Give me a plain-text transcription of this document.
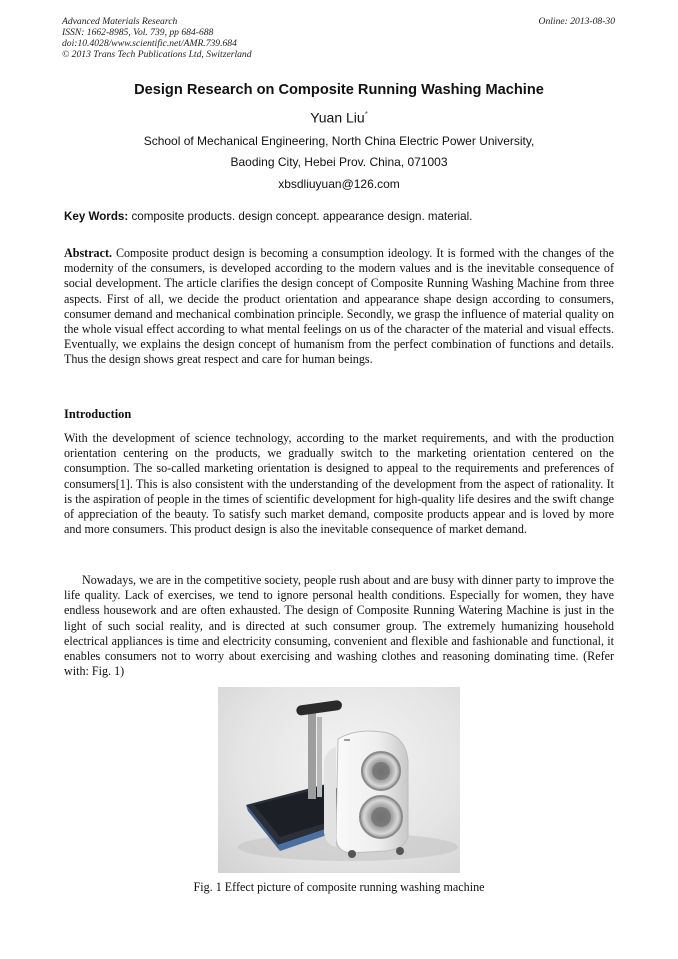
Advanced Materials Research
ISSN: 1662-8985, Vol. 739, pp 684-688
doi:10.4028/www.scientific.net/AMR.739.684
© 2013 Trans Tech Publications Ltd, Switzerland
Online: 2013-08-30
Design Research on Composite Running Washing Machine
Yuan Liu*
School of Mechanical Engineering, North China Electric Power University,
Baoding City, Hebei Prov. China, 071003
xbsdliuyuan@126.com
Key Words: composite products. design concept. appearance design. material.
Abstract. Composite product design is becoming a consumption ideology. It is formed with the changes of the modernity of the consumers, is developed according to the modern values and is the inevitable consequence of social development. The article clarifies the design concept of Composite Running Washing Machine from three aspects. First of all, we decide the product orientation and appearance shape design according to consumers, consumer demand and mechanical combination principle. Secondly, we grasp the influence of material quality on the whole visual effect according to what mental feelings on us of the character of the material and visual effects. Eventually, we explains the design concept of humanism from the perfect combination of functions and details. Thus the design shows great respect and care for human beings.
Introduction
With the development of science technology, according to the market requirements, and with the production orientation centering on the products, we gradually switch to the marketing orientation centered on the consumption. The so-called marketing orientation is designed to appeal to the requirements and preferences of consumers[1]. This is also consistent with the understanding of the development from the aspect of rationality. It is the aspiration of people in the times of scientific development for high-quality life desires and the swift change of appreciation of the beauty. To satisfy such market demand, composite products appear and is loved by more and more consumers. This product design is also the inevitable consequence of market demand.
Nowadays, we are in the competitive society, people rush about and are busy with dinner party to improve the life quality. Lack of exercises, we tend to ignore personal health conditions. Especially for women, they have endless housework and are often exhausted. The design of Composite Running Watering Machine is just in the light of such social reality, and is directed at such consumer group. The extremely humanizing household electrical appliances is time and electricity consuming, convenient and flexible and fashionable and functional, it enables consumers not to worry about exercising and washing clothes and reasoning dominating time. (Refer with: Fig. 1)
Fig. 1 Effect picture of composite running washing machine
